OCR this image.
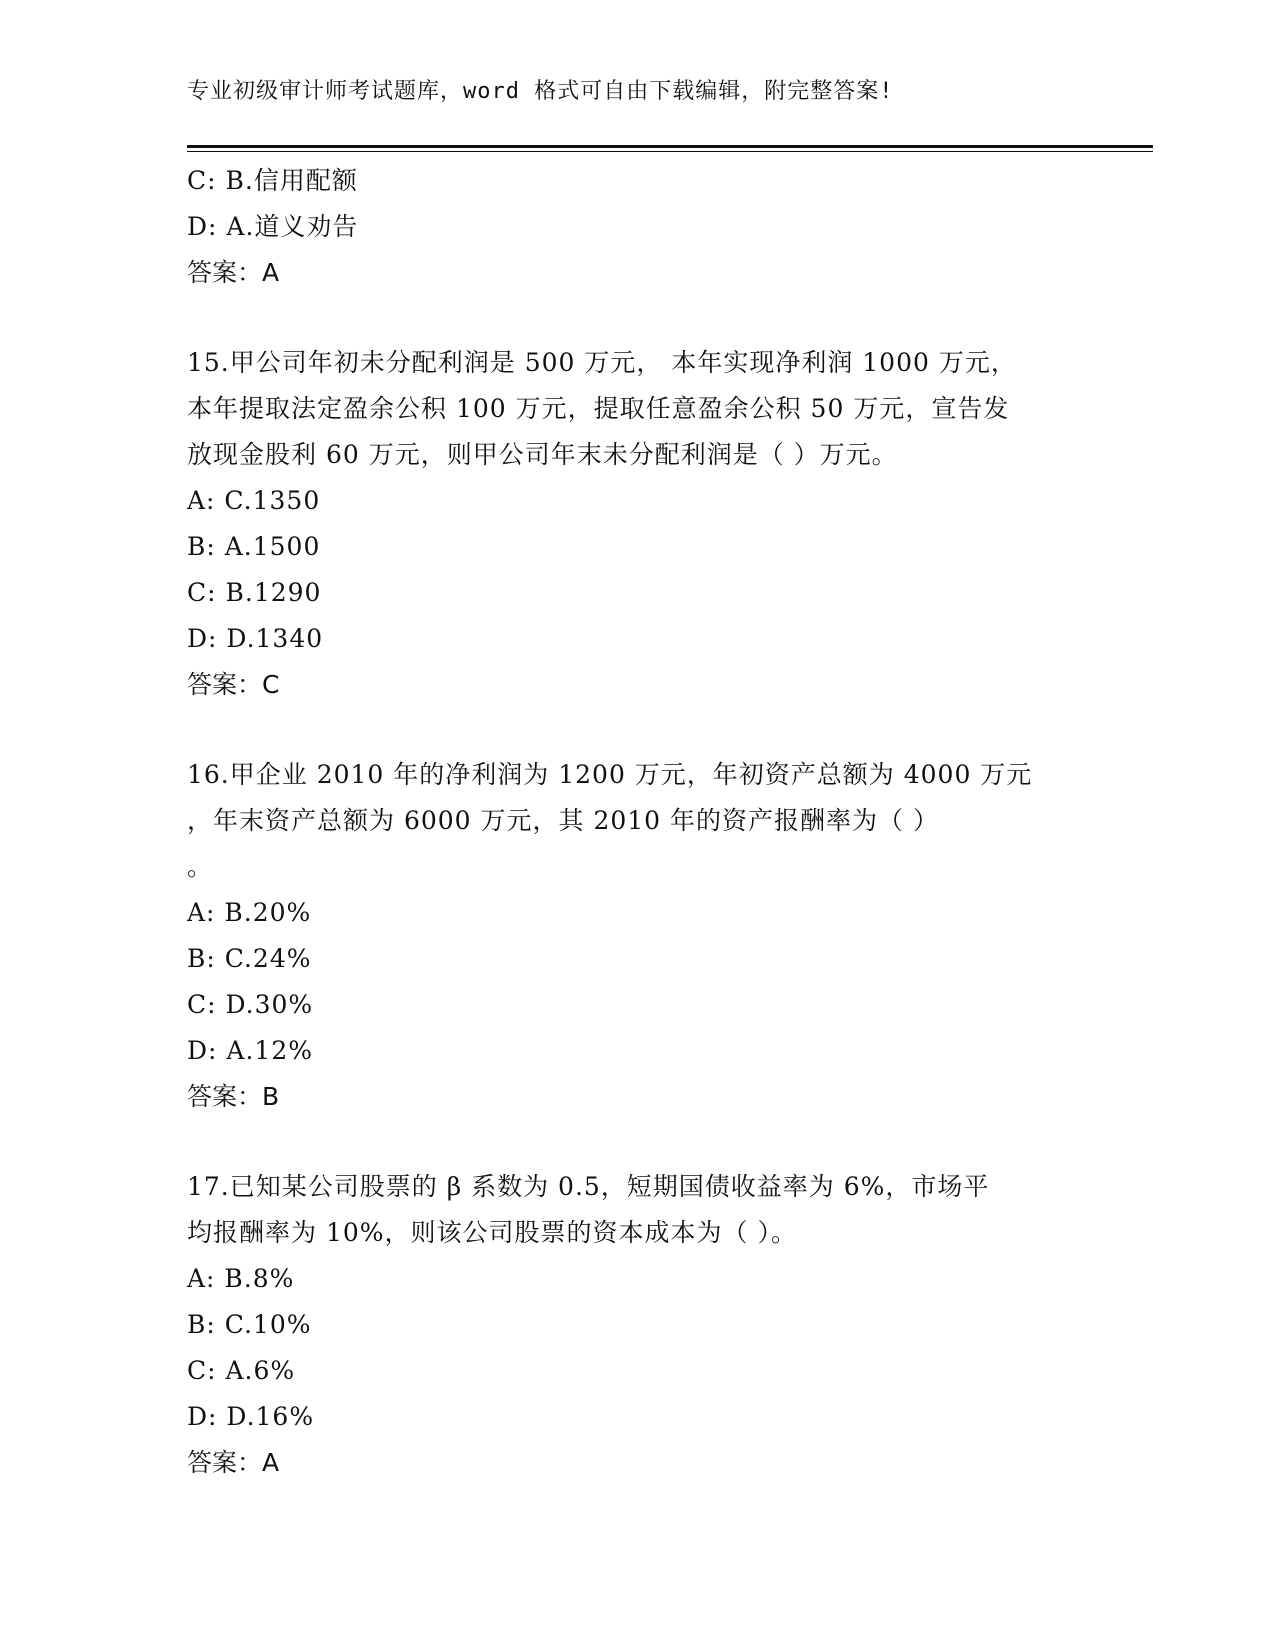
专业初级审计师考试题库，word 格式可自由下载编辑，附完整答案!
C: B.信用配额
D: A.道义劝告
答案：A
15.甲公司年初未分配利润是 500 万元， 本年实现净利润 1000 万元，
本年提取法定盈余公积 100 万元，提取任意盈余公积 50 万元，宣告发
放现金股利 60 万元，则甲公司年末未分配利润是（ ）万元。
A: C.1350
B: A.1500
C: B.1290
D: D.1340
答案：C
16.甲企业 2010 年的净利润为 1200 万元，年初资产总额为 4000 万元
，年末资产总额为 6000 万元，其 2010 年的资产报酬率为（ ）
。
A: B.20%
B: C.24%
C: D.30%
D: A.12%
答案：B
17.已知某公司股票的 β 系数为 0.5，短期国债收益率为 6%，市场平
均报酬率为 10%，则该公司股票的资本成本为（ ）。
A: B.8%
B: C.10%
C: A.6%
D: D.16%
答案：A
